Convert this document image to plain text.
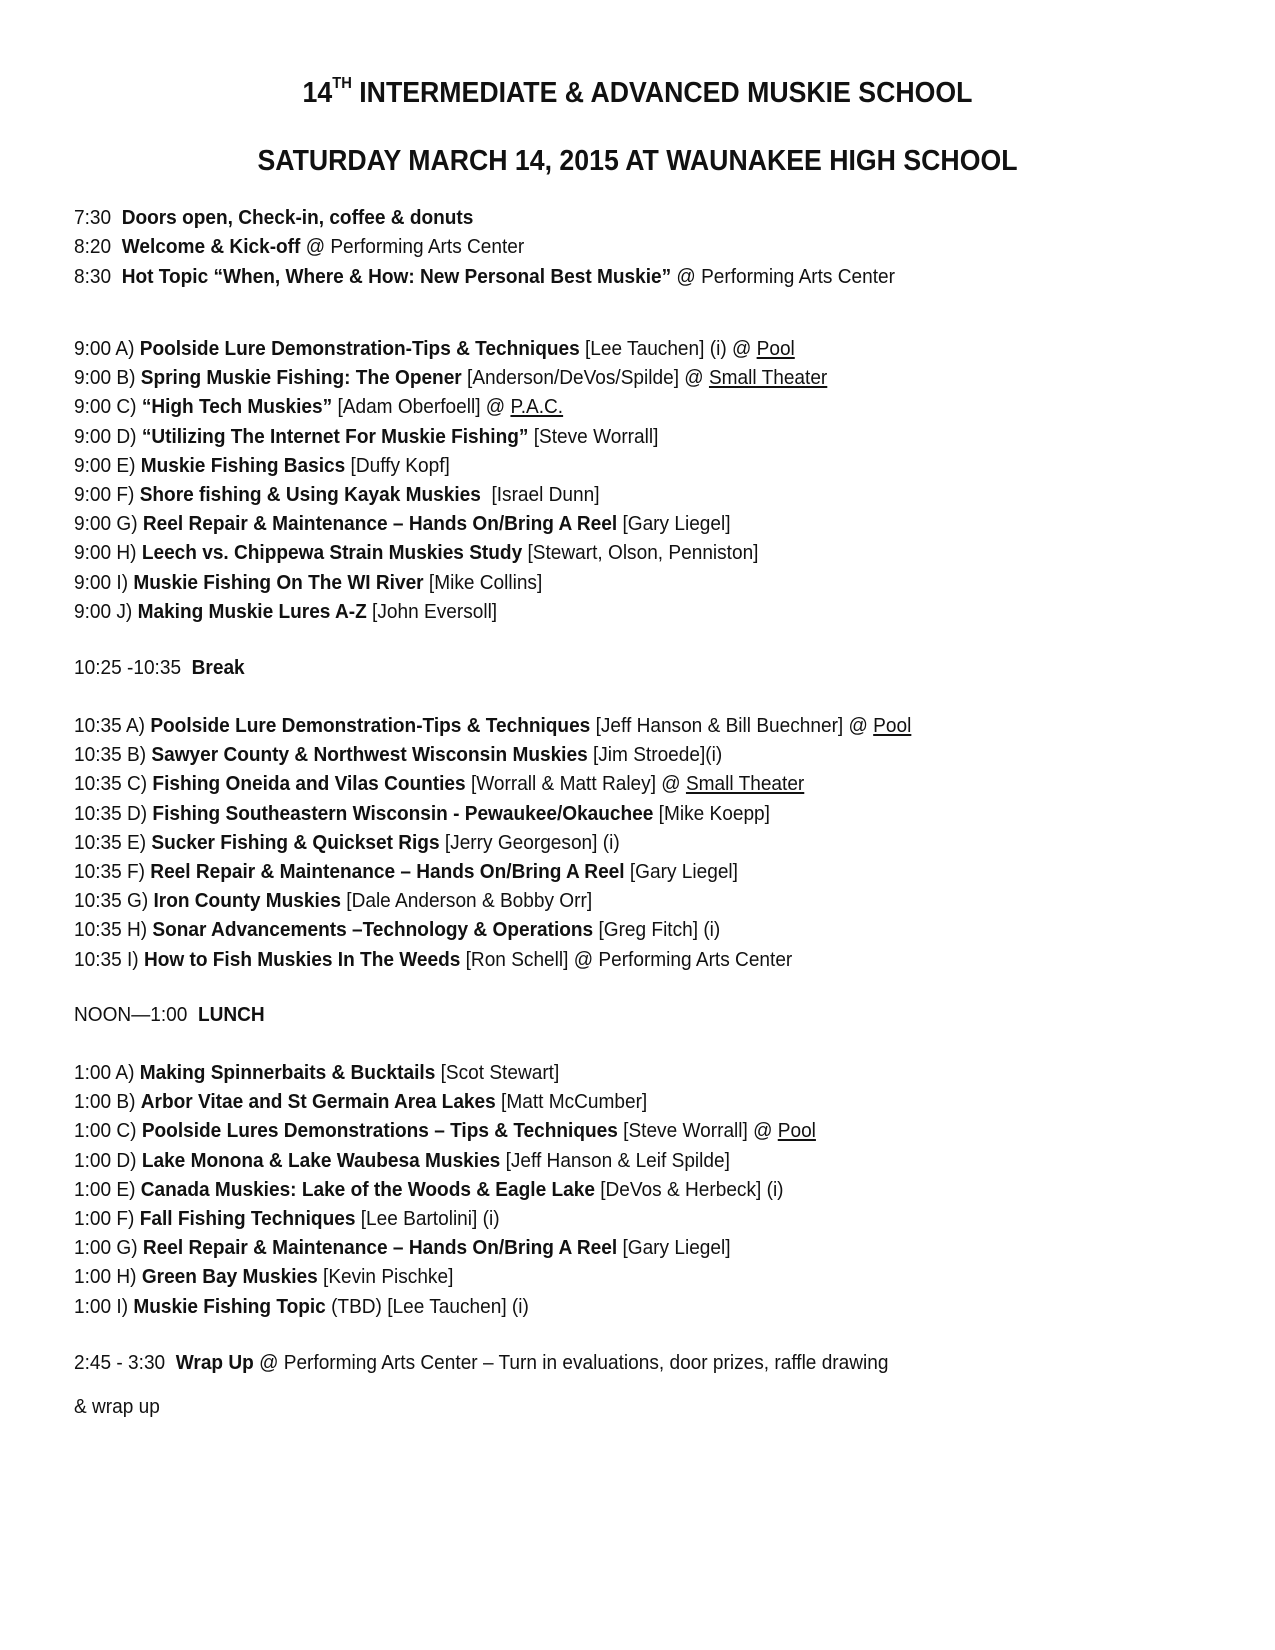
14TH INTERMEDIATE & ADVANCED MUSKIE SCHOOL
SATURDAY MARCH 14, 2015 AT WAUNAKEE HIGH SCHOOL
7:30  Doors open, Check-in, coffee & donuts
8:20  Welcome & Kick-off @ Performing Arts Center
8:30  Hot Topic “When, Where & How: New Personal Best Muskie” @ Performing Arts Center
9:00 A) Poolside Lure Demonstration-Tips & Techniques [Lee Tauchen] (i) @ Pool
9:00 B) Spring Muskie Fishing: The Opener [Anderson/DeVos/Spilde] @ Small Theater
9:00 C) “High Tech Muskies” [Adam Oberfoell] @ P.A.C.
9:00 D) “Utilizing The Internet For Muskie Fishing” [Steve Worrall]
9:00 E) Muskie Fishing Basics [Duffy Kopf]
9:00 F) Shore fishing & Using Kayak Muskies  [Israel Dunn]
9:00 G) Reel Repair & Maintenance – Hands On/Bring A Reel [Gary Liegel]
9:00 H) Leech vs. Chippewa Strain Muskies Study [Stewart, Olson, Penniston]
9:00 I) Muskie Fishing On The WI River [Mike Collins]
9:00 J) Making Muskie Lures A-Z [John Eversoll]
10:25 -10:35  Break
10:35 A) Poolside Lure Demonstration-Tips & Techniques [Jeff Hanson & Bill Buechner] @ Pool
10:35 B) Sawyer County & Northwest Wisconsin Muskies [Jim Stroede](i)
10:35 C) Fishing Oneida and Vilas Counties [Worrall & Matt Raley] @ Small Theater
10:35 D) Fishing Southeastern Wisconsin - Pewaukee/Okauchee [Mike Koepp]
10:35 E) Sucker Fishing & Quickset Rigs [Jerry Georgeson] (i)
10:35 F) Reel Repair & Maintenance – Hands On/Bring A Reel [Gary Liegel]
10:35 G) Iron County Muskies [Dale Anderson & Bobby Orr]
10:35 H) Sonar Advancements –Technology & Operations [Greg Fitch] (i)
10:35 I) How to Fish Muskies In The Weeds [Ron Schell] @ Performing Arts Center
NOON—1:00  LUNCH
1:00 A) Making Spinnerbaits & Bucktails [Scot Stewart]
1:00 B) Arbor Vitae and St Germain Area Lakes [Matt McCumber]
1:00 C) Poolside Lures Demonstrations – Tips & Techniques [Steve Worrall] @ Pool
1:00 D) Lake Monona & Lake Waubesa Muskies [Jeff Hanson & Leif Spilde]
1:00 E) Canada Muskies: Lake of the Woods & Eagle Lake [DeVos & Herbeck] (i)
1:00 F) Fall Fishing Techniques [Lee Bartolini] (i)
1:00 G) Reel Repair & Maintenance – Hands On/Bring A Reel [Gary Liegel]
1:00 H) Green Bay Muskies [Kevin Pischke]
1:00 I) Muskie Fishing Topic (TBD) [Lee Tauchen] (i)
2:45 - 3:30  Wrap Up @ Performing Arts Center – Turn in evaluations, door prizes, raffle drawing
& wrap up
